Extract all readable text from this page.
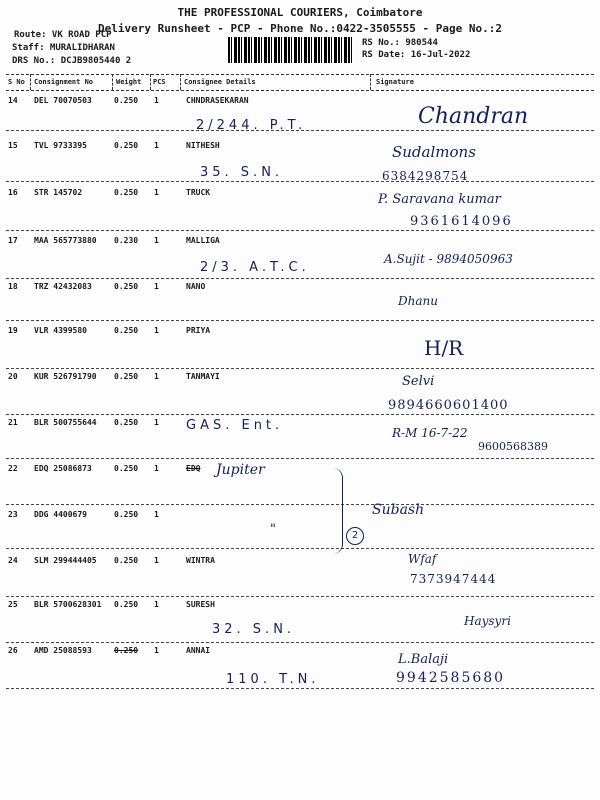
THE PROFESSIONAL COURIERS, Coimbatore
Delivery Runsheet - PCP - Phone No.:0422-3505555 - Page No.:2
Route: VK ROAD PCP
Staff: MURALIDHARAN
DRS No.: DCJB9805440 2
RS No.: 980544
RS Date: 16-Jul-2022
S No Consignment No	Weight PCS	Consignee Details	Signature
14 DEL 70070503	0.250 1	CHNDRASEKARAN
2/244. P.T.	Chandran
15 TVL 9733395	0.250 1	NITHESH
35. S.N.
Sudalmons
6384298754
16 STR 145702	0.250 1	TRUCK	P. Saravana kumar
9361614096
17 MAA 565773880 0.230 1	MALLIGA
2/3. A.T.C.
A.Sujit - 9894050963
18 TRZ 42432083	0.250 1	NANO
Dhanu
19 VLR 4399580	0.250 1	PRIYA
H/R
20 KUR 526791790 0.250 1	TANMAYI	Selvi
9894660601400
21 BLR 500755644 0.250 1 GAS. Ent.	R-M 16-7-22
9600568389
22 EDQ 25086873	0.250 1	EDQ Jupiter
23 DDG 4400679	0.250 1
"
Subash
2
24 SLM 299444405 0.250 1	WINTRA	Wfaf
7373947444
25 BLR 5700628301 0.250 1	SURESH
32. S.N.
Haysyri
26 AMD 25088593	0.250 1	ANNAI
110. T.N.
L.Balaji
9942585680
